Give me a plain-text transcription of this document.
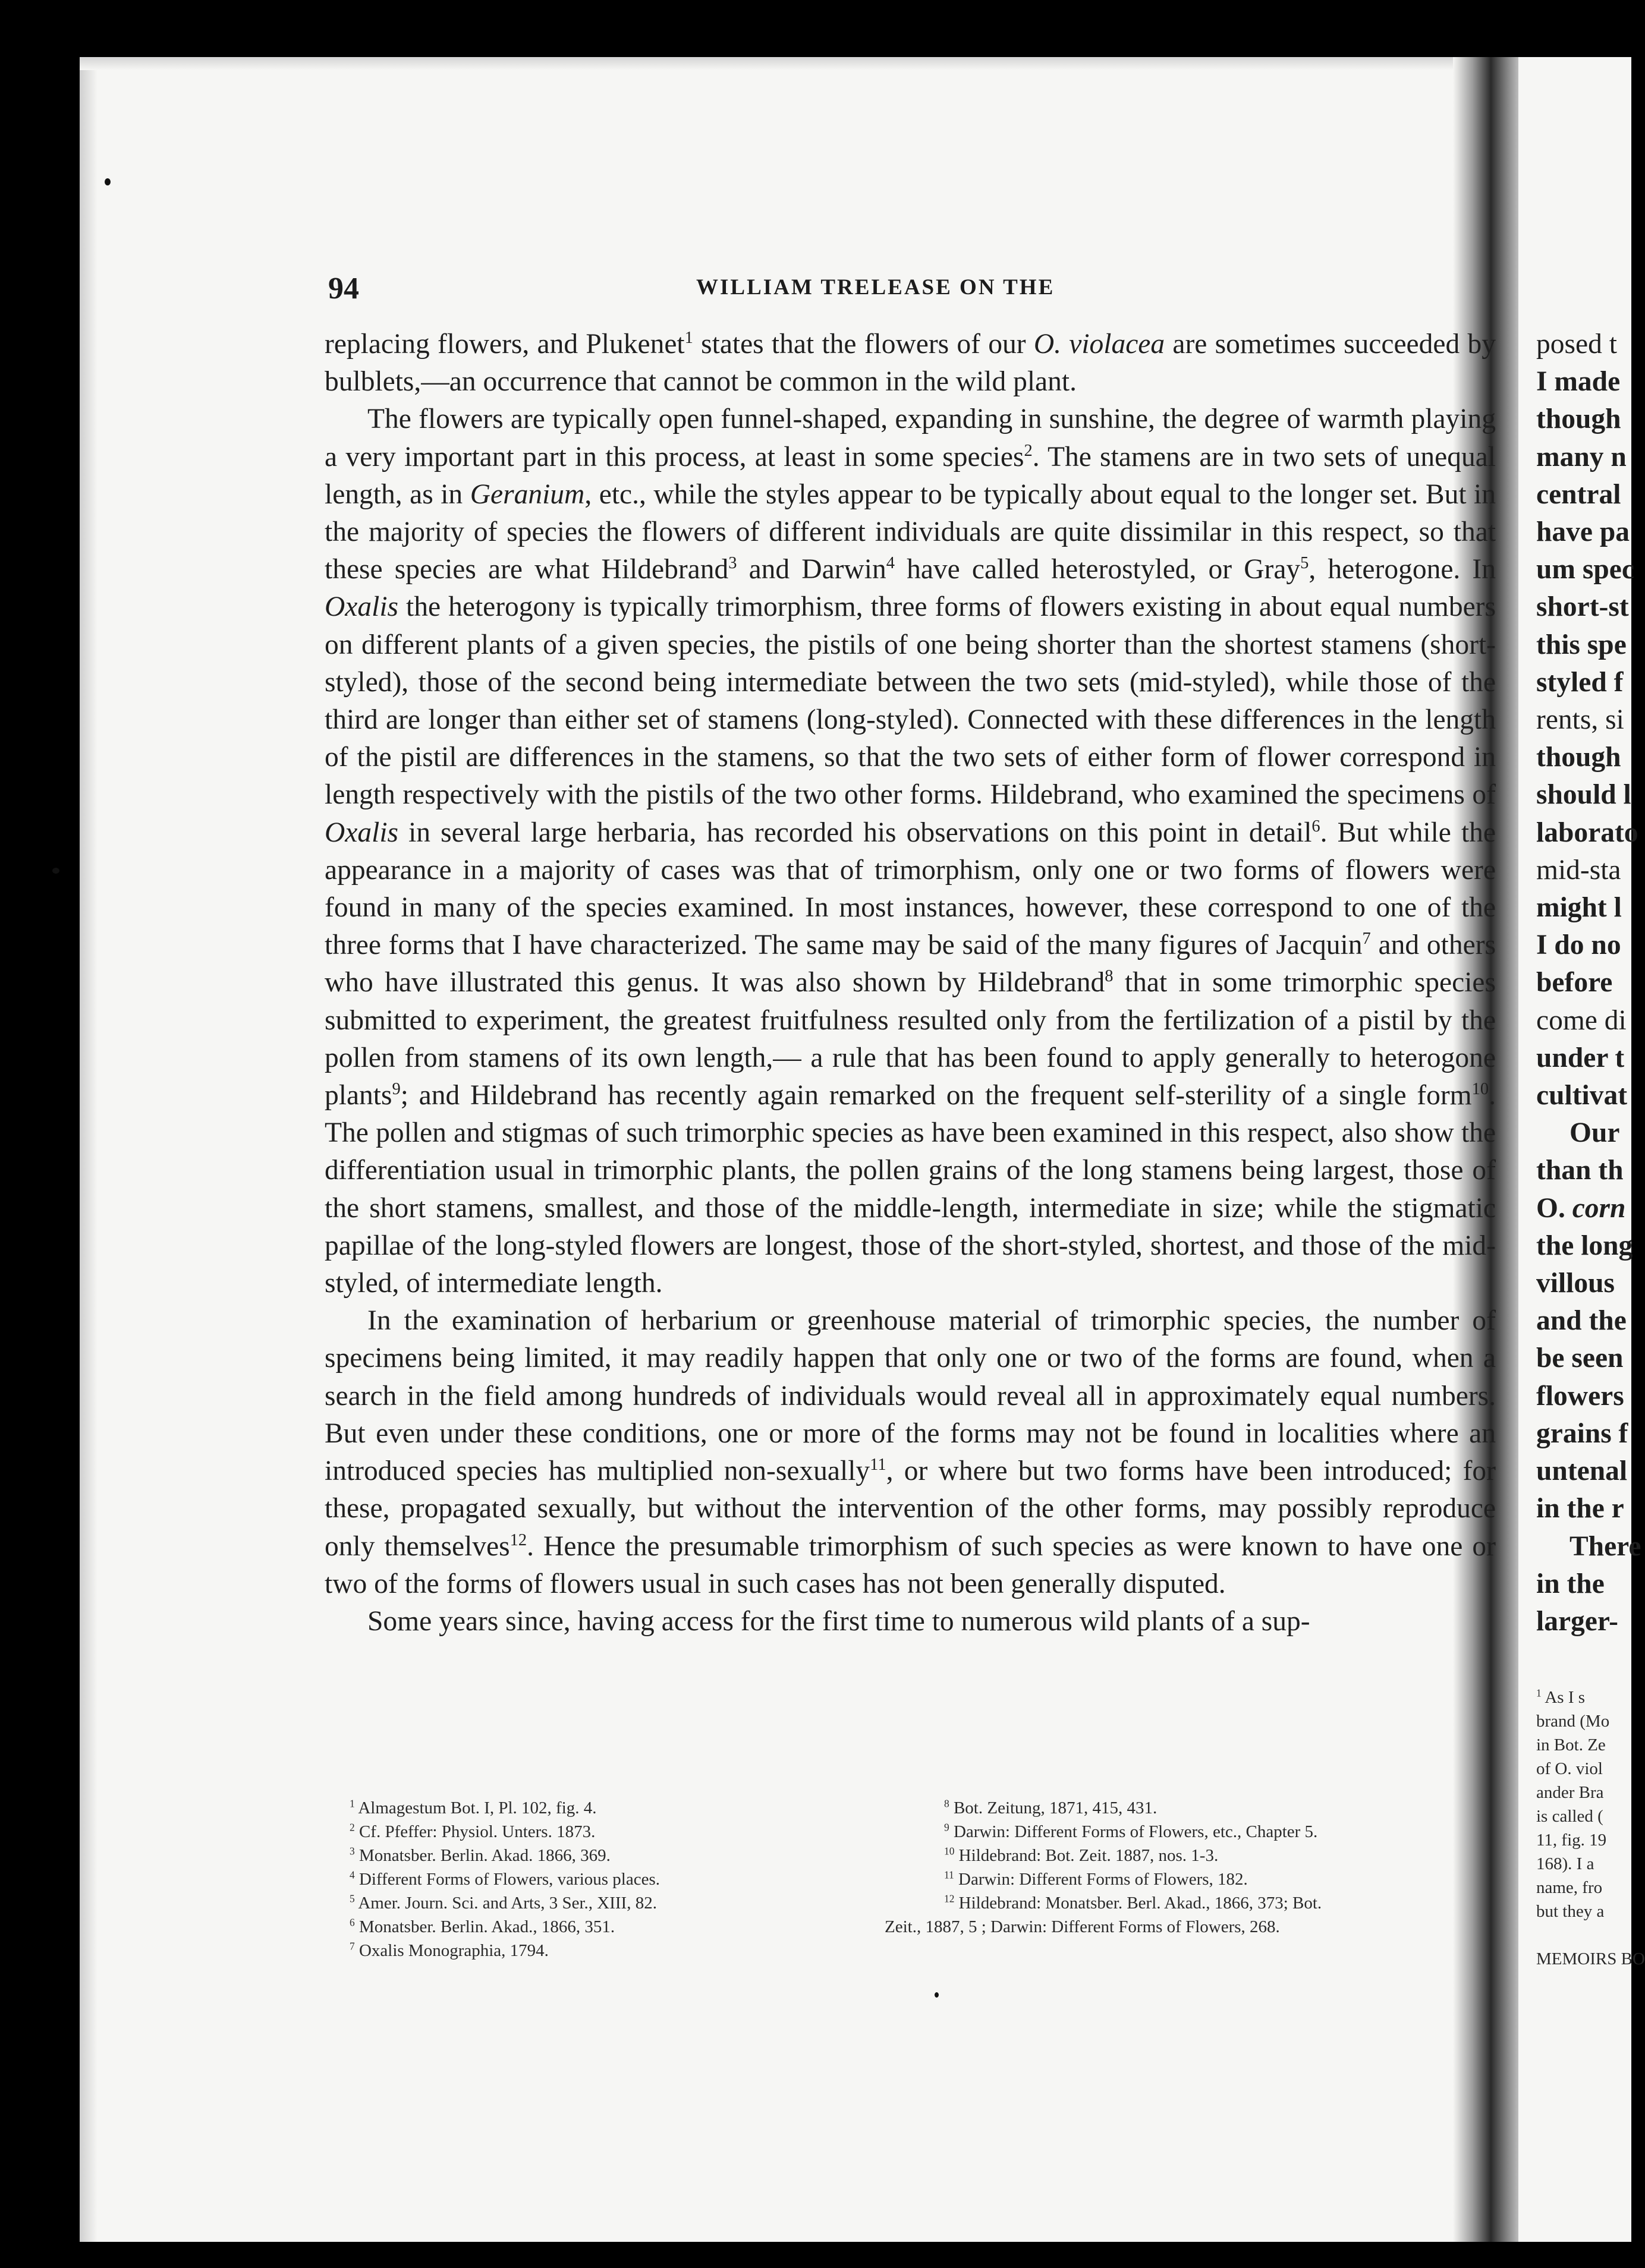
94	WILLIAM TRELEASE ON THE

replacing flowers, and Plukenet$^1$ states that the flowers of our O. violacea are sometimes succeeded by bulblets,—an occurrence that cannot be common in the wild plant.

The flowers are typically open funnel-shaped, expanding in sunshine, the degree of warmth playing a very important part in this process, at least in some species$^2$. The stamens are in two sets of unequal length, as in Geranium, etc., while the styles appear to be typically about equal to the longer set. But in the majority of species the flowers of different individuals are quite dissimilar in this respect, so that these species are what Hildebrand$^3$ and Darwin$^4$ have called heterostyled, or Gray$^5$, heterogone. In Oxalis the heterogony is typically trimorphism, three forms of flowers existing in about equal numbers on different plants of a given species, the pistils of one being shorter than the shortest stamens (short-styled), those of the second being intermediate between the two sets (mid-styled), while those of the third are longer than either set of stamens (long-styled). Connected with these differences in the length of the pistil are differences in the stamens, so that the two sets of either form of flower correspond in length respectively with the pistils of the two other forms. Hildebrand, who examined the specimens of Oxalis in several large herbaria, has recorded his observations on this point in detail$^6$. But while the appearance in a majority of cases was that of trimorphism, only one or two forms of flowers were found in many of the species examined. In most instances, however, these correspond to one of the three forms that I have characterized. The same may be said of the many figures of Jacquin$^7$ and others who have illustrated this genus. It was also shown by Hildebrand$^8$ that in some trimorphic species submitted to experiment, the greatest fruitfulness resulted only from the fertilization of a pistil by the pollen from stamens of its own length,— a rule that has been found to apply generally to heterogone plants$^9$; and Hildebrand has recently again remarked on the frequent self-sterility of a single form$^{10}$. The pollen and stigmas of such trimorphic species as have been examined in this respect, also show the differentiation usual in trimorphic plants, the pollen grains of the long stamens being largest, those of the short stamens, smallest, and those of the middle-length, intermediate in size; while the stigmatic papillae of the long-styled flowers are longest, those of the short-styled, shortest, and those of the mid-styled, of intermediate length.

In the examination of herbarium or greenhouse material of trimorphic species, the number of specimens being limited, it may readily happen that only one or two of the forms are found, when a search in the field among hundreds of individuals would reveal all in approximately equal numbers. But even under these conditions, one or more of the forms may not be found in localities where an introduced species has multiplied non-sexually$^{11}$, or where but two forms have been introduced; for these, propagated sexually, but without the intervention of the other forms, may possibly reproduce only themselves$^{12}$. Hence the presumable trimorphism of such species as were known to have one or two of the forms of flowers usual in such cases has not been generally disputed.

Some years since, having access for the first time to numerous wild plants of a sup-

$^1$ Almagestum Bot. I, Pl. 102, fig. 4.
$^2$ Cf. Pfeffer: Physiol. Unters. 1873.
$^3$ Monatsber. Berlin. Akad. 1866, 369.
$^4$ Different Forms of Flowers, various places.
$^5$ Amer. Journ. Sci. and Arts, 3 Ser., XIII, 82.
$^6$ Monatsber. Berlin. Akad., 1866, 351.
$^7$ Oxalis Monographia, 1794.
$^8$ Bot. Zeitung, 1871, 415, 431.
$^9$ Darwin: Different Forms of Flowers, etc., Chapter 5.
$^{10}$ Hildebrand: Bot. Zeit. 1887, nos. 1-3.
$^{11}$ Darwin: Different Forms of Flowers, 182.
$^{12}$ Hildebrand: Monatsber. Berl. Akad., 1866, 373; Bot.
Zeit., 1887, 5 ; Darwin: Different Forms of Flowers, 268.
posed t
I made
though
many n
central
have pa
um spec
short-st
this spe
styled f
rents, si
though
should l
laborato
mid-sta
might l
I do no
before
come di
under t
cultivat
Our
than th
O. corn
the long
villous
and the
be seen
flowers
grains f
untenal
in the r
There
in the
larger-
$^1$ As I s
brand (Mo
in Bot. Ze
of O. viol
ander Bra
is called (
11, fig. 19
168). I a
name, fro
but they a

MEMOIRS BO
